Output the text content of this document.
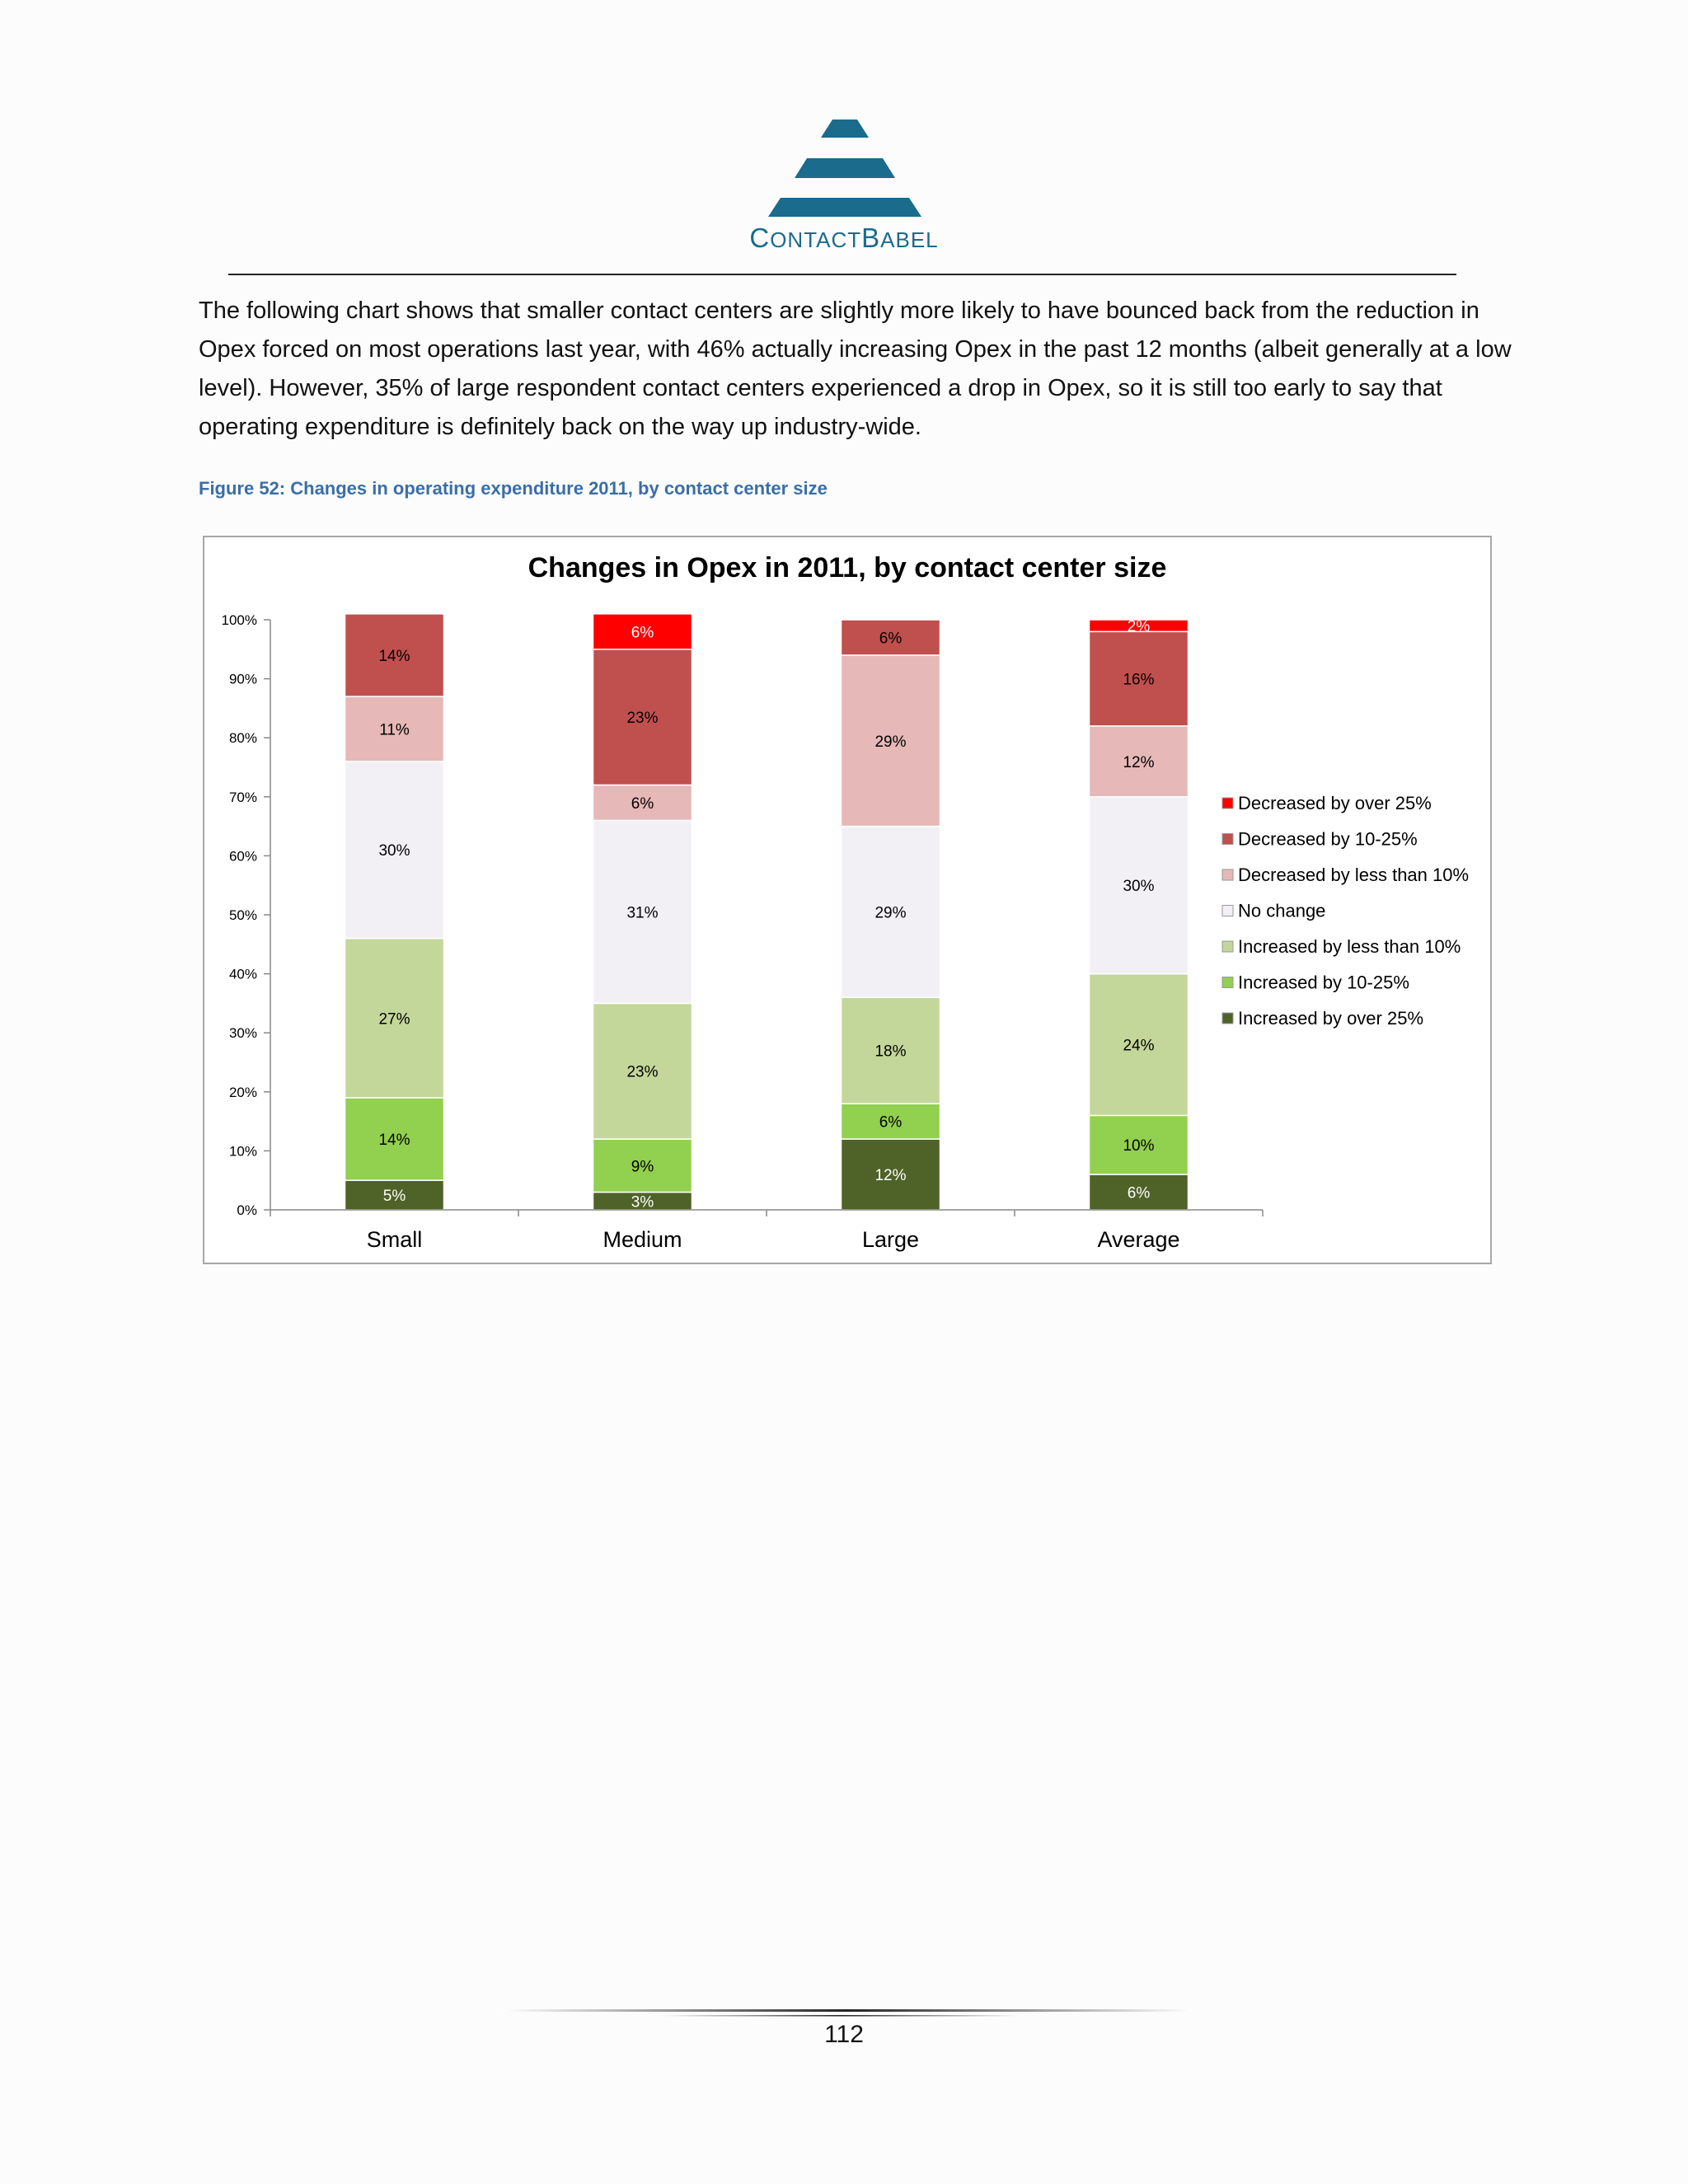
CONTACTBABEL

The following chart shows that smaller contact centers are slightly more likely to have bounced back from the reduction in Opex forced on most operations last year, with 46% actually increasing Opex in the past 12 months (albeit generally at a low level). However, 35% of large respondent contact centers experienced a drop in Opex, so it is still too early to say that operating expenditure is definitely back on the way up industry-wide.

Figure 52: Changes in operating expenditure 2011, by contact center size
Changes in Opex in 2011, by contact center size
0%
10%
20%
30%
40%
50%
60%
70%
80%
90%
100%
5%
14%
27%
30%
11%
14%
3%
9%
23%
31%
6%
23%
6%
12%
6%
18%
29%
29%
6%
6%
10%
24%
30%
12%
16%
2%
Small	Medium	Large	Average
Decreased by over 25%
Decreased by 10-25%
Decreased by less than 10%
No change
Increased by less than 10%
Increased by 10-25%
Increased by over 25%
112
